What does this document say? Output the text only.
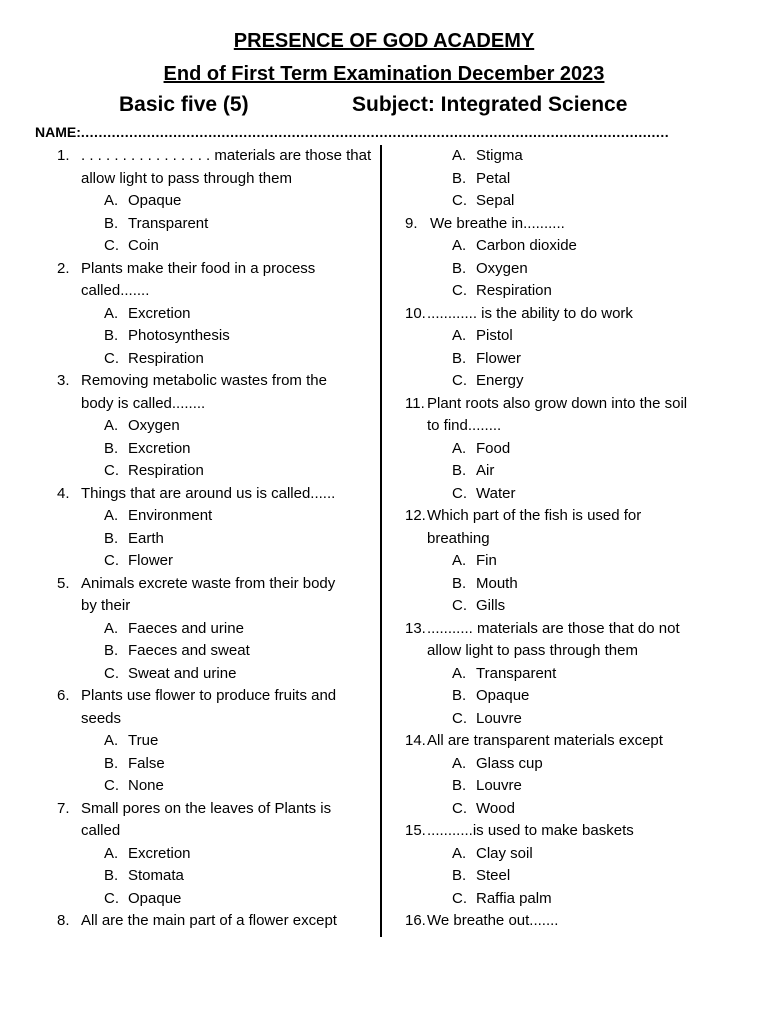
PRESENCE OF GOD ACADEMY
End of First Term Examination December 2023
Basic five (5)	Subject: Integrated Science
NAME:......................................................................................................................................
1. . . . . . . . . . . . . . . . . materials are those that
allow light to pass through them
A. Opaque
B. Transparent
C. Coin
2. Plants make their food in a process
called.......
A. Excretion
B. Photosynthesis
C. Respiration
3. Removing metabolic wastes from the
body is called........
A. Oxygen
B. Excretion
C. Respiration
4. Things that are around us is called......
A. Environment
B. Earth
C. Flower
5. Animals excrete waste from their body
by their
A. Faeces and urine
B. Faeces and sweat
C. Sweat and urine
6. Plants use flower to produce fruits and
seeds
A. True
B. False
C. None
7. Small pores on the leaves of Plants is
called
A. Excretion
B. Stomata
C. Opaque
8. All are the main part of a flower except
A. Stigma
B. Petal
C. Sepal
9. We breathe in..........
A. Carbon dioxide
B. Oxygen
C. Respiration
10. ............ is the ability to do work
A. Pistol
B. Flower
C. Energy
11. Plant roots also grow down into the soil
to find........
A. Food
B. Air
C. Water
12. Which part of the fish is used for
breathing
A. Fin
B. Mouth
C. Gills
13. ........... materials are those that do not
allow light to pass through them
A. Transparent
B. Opaque
C. Louvre
14. All are transparent materials except
A. Glass cup
B. Louvre
C. Wood
15. ...........is used to make baskets
A. Clay soil
B. Steel
C. Raffia palm
16. We breathe out.......
